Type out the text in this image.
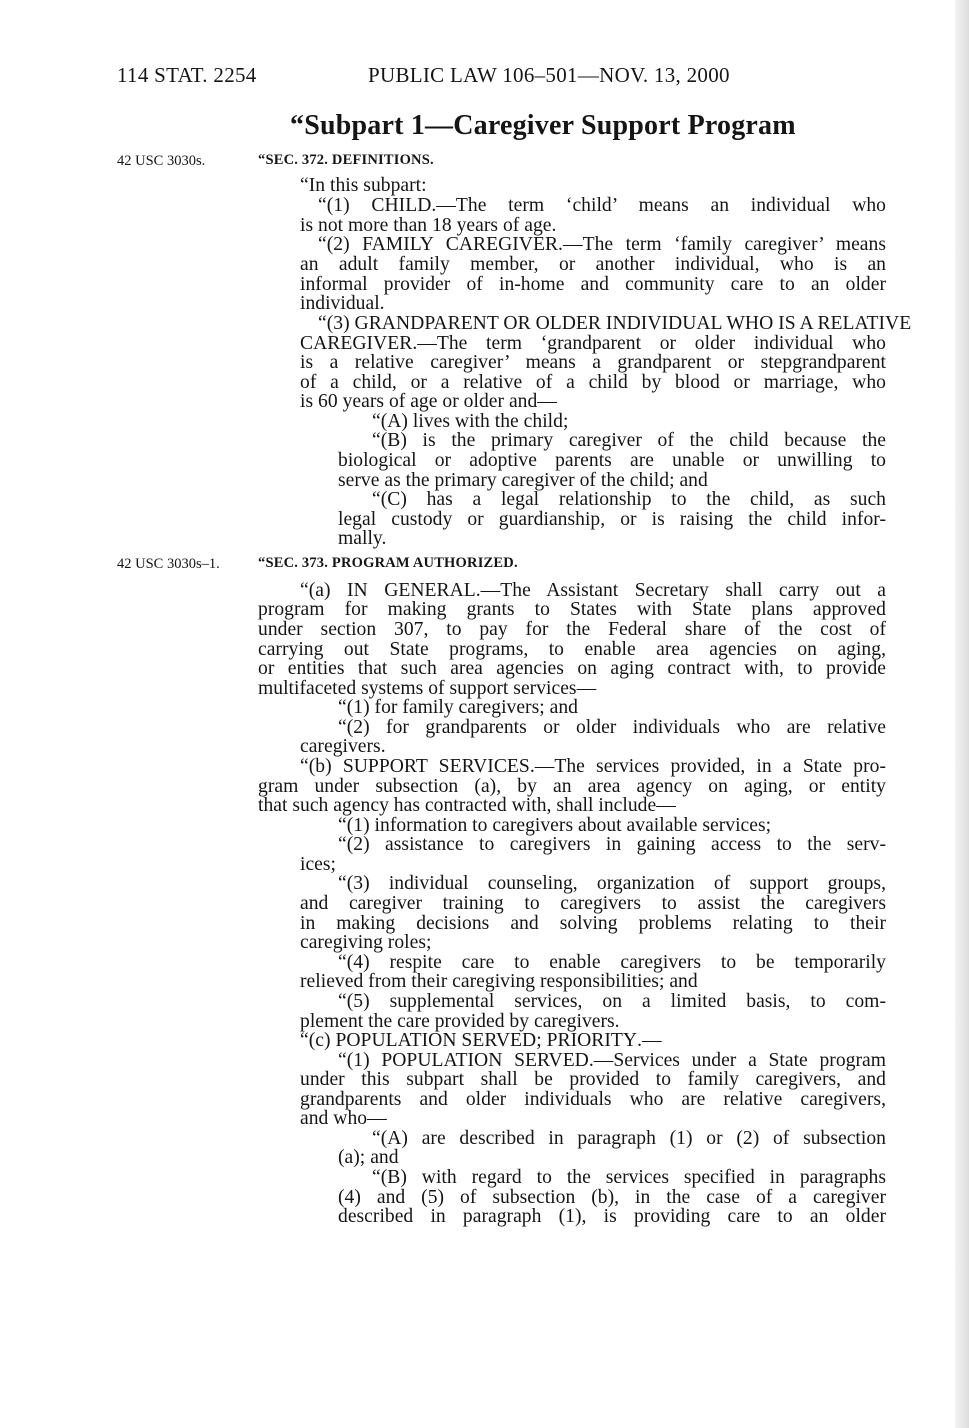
114 STAT. 2254	PUBLIC LAW 106–501—NOV. 13, 2000
“Subpart 1—Caregiver Support Program
42 USC 3030s.
42 USC 3030s–1.
“SEC. 372. DEFINITIONS.
“SEC. 373. PROGRAM AUTHORIZED.
“In this subpart:
“(1) CHILD.—The term ‘child’ means an individual who
is not more than 18 years of age.
“(2) FAMILY CAREGIVER.—The term ‘family caregiver’ means
an adult family member, or another individual, who is an
informal provider of in-home and community care to an older
individual.
“(3) GRANDPARENT OR OLDER INDIVIDUAL WHO IS A RELATIVE
CAREGIVER.—The term ‘grandparent or older individual who
is a relative caregiver’ means a grandparent or stepgrandparent
of a child, or a relative of a child by blood or marriage, who
is 60 years of age or older and—
“(A) lives with the child;
“(B) is the primary caregiver of the child because the
biological or adoptive parents are unable or unwilling to
serve as the primary caregiver of the child; and
“(C) has a legal relationship to the child, as such
legal custody or guardianship, or is raising the child infor-
mally.
“(a) IN GENERAL.—The Assistant Secretary shall carry out a
program for making grants to States with State plans approved
under section 307, to pay for the Federal share of the cost of
carrying out State programs, to enable area agencies on aging,
or entities that such area agencies on aging contract with, to provide
multifaceted systems of support services—
“(1) for family caregivers; and
“(2) for grandparents or older individuals who are relative
caregivers.
“(b) SUPPORT SERVICES.—The services provided, in a State pro-
gram under subsection (a), by an area agency on aging, or entity
that such agency has contracted with, shall include—
“(1) information to caregivers about available services;
“(2) assistance to caregivers in gaining access to the serv-
ices;
“(3) individual counseling, organization of support groups,
and caregiver training to caregivers to assist the caregivers
in making decisions and solving problems relating to their
caregiving roles;
“(4) respite care to enable caregivers to be temporarily
relieved from their caregiving responsibilities; and
“(5) supplemental services, on a limited basis, to com-
plement the care provided by caregivers.
“(c) POPULATION SERVED; PRIORITY.—
“(1) POPULATION SERVED.—Services under a State program
under this subpart shall be provided to family caregivers, and
grandparents and older individuals who are relative caregivers,
and who—
“(A) are described in paragraph (1) or (2) of subsection
(a); and
“(B) with regard to the services specified in paragraphs
(4) and (5) of subsection (b), in the case of a caregiver
described in paragraph (1), is providing care to an older
